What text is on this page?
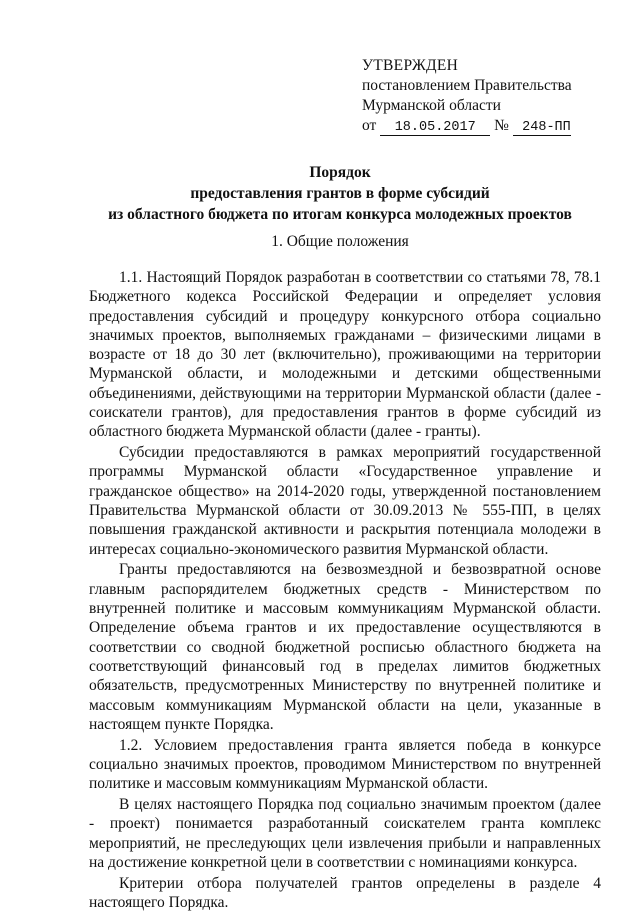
УТВЕРЖДЕН
постановлением Правительства
Мурманской области
от 18.05.2017 № 248-ПП
Порядок
предоставления грантов в форме субсидий
из областного бюджета по итогам конкурса молодежных проектов
1. Общие положения

1.1. Настоящий Порядок разработан в соответствии со статьями 78, 78.1 Бюджетного кодекса Российской Федерации и определяет условия предоставления субсидий и процедуру конкурсного отбора социально значимых проектов, выполняемых гражданами – физическими лицами в возрасте от 18 до 30 лет (включительно), проживающими на территории Мурманской области, и молодежными и детскими общественными объединениями, действующими на территории Мурманской области (далее - соискатели грантов), для предоставления грантов в форме субсидий из областного бюджета Мурманской области (далее - гранты).

Субсидии предоставляются в рамках мероприятий государственной программы Мурманской области «Государственное управление и гражданское общество» на 2014-2020 годы, утвержденной постановлением Правительства Мурманской области от 30.09.2013 № 555-ПП, в целях повышения гражданской активности и раскрытия потенциала молодежи в интересах социально-экономического развития Мурманской области.

Гранты предоставляются на безвозмездной и безвозвратной основе главным распорядителем бюджетных средств - Министерством по внутренней политике и массовым коммуникациям Мурманской области. Определение объема грантов и их предоставление осуществляются в соответствии со сводной бюджетной росписью областного бюджета на соответствующий финансовый год в пределах лимитов бюджетных обязательств, предусмотренных Министерству по внутренней политике и массовым коммуникациям Мурманской области на цели, указанные в настоящем пункте Порядка.

1.2. Условием предоставления гранта является победа в конкурсе социально значимых проектов, проводимом Министерством по внутренней политике и массовым коммуникациям Мурманской области.

В целях настоящего Порядка под социально значимым проектом (далее - проект) понимается разработанный соискателем гранта комплекс мероприятий, не преследующих цели извлечения прибыли и направленных на достижение конкретной цели в соответствии с номинациями конкурса.

Критерии отбора получателей грантов определены в разделе 4 настоящего Порядка.
